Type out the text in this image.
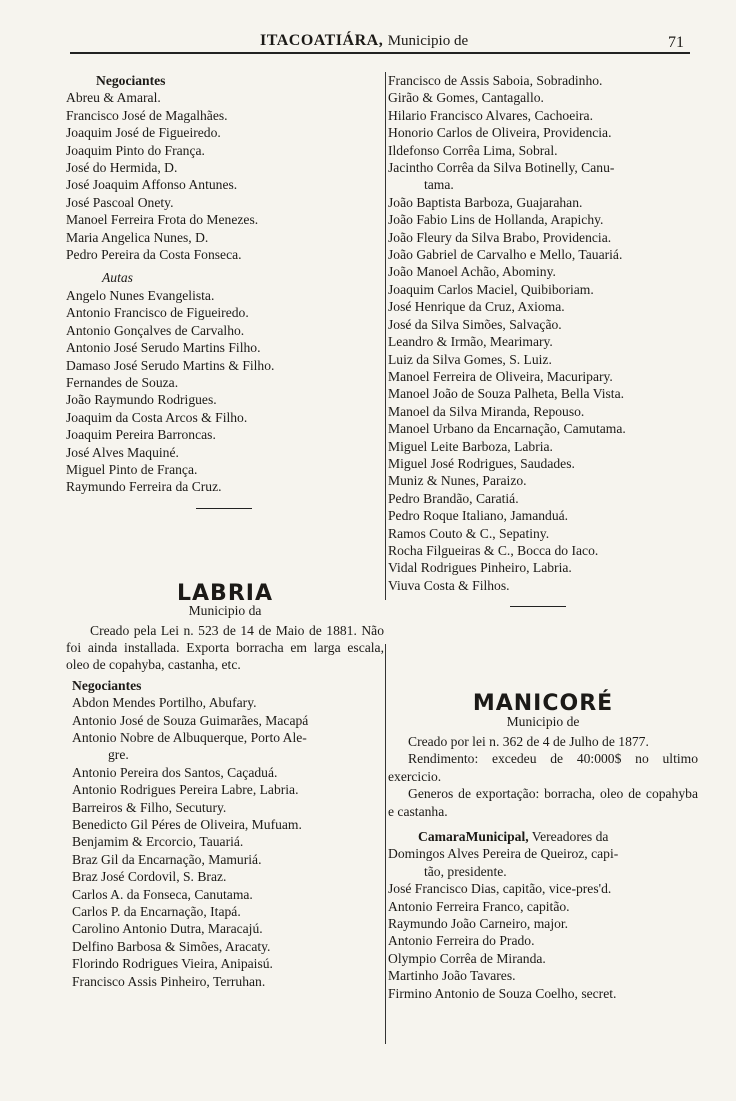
ITACOATIÁRA, Municipio de	71
Negociantes
Abreu & Amaral.
Francisco José de Magalhães.
Joaquim José de Figueiredo.
Joaquim Pinto do França.
José do Hermida, D.
José Joaquim Affonso Antunes.
José Pascoal Onety.
Manoel Ferreira Frota do Menezes.
Maria Angelica Nunes, D.
Pedro Pereira da Costa Fonseca.
Autas
Angelo Nunes Evangelista.
Antonio Francisco de Figueiredo.
Antonio Gonçalves de Carvalho.
Antonio José Serudo Martins Filho.
Damaso José Serudo Martins & Filho.
Fernandes de Souza.
João Raymundo Rodrigues.
Joaquim da Costa Arcos & Filho.
Joaquim Pereira Barroncas.
José Alves Maquiné.
Miguel Pinto de França.
Raymundo Ferreira da Cruz.
LABRIA
Municipio da
Creado pela Lei n. 523 de 14 de Maio de 1881. Não foi ainda installada. Exporta borracha em larga escala, oleo de copahyba, castanha, etc.
Negociantes
Abdon Mendes Portilho, Abufary.
Antonio José de Souza Guimarães, Macapá
Antonio Nobre de Albuquerque, Porto Ale-
gre.
Antonio Pereira dos Santos, Caçaduá.
Antonio Rodrigues Pereira Labre, Labria.
Barreiros & Filho, Secutury.
Benedicto Gil Péres de Oliveira, Mufuam.
Benjamim & Ercorcio, Tauariá.
Braz Gil da Encarnação, Mamuriá.
Braz José Cordovil, S. Braz.
Carlos A. da Fonseca, Canutama.
Carlos P. da Encarnação, Itapá.
Carolino Antonio Dutra, Maracajú.
Delfino Barbosa & Simões, Aracaty.
Florindo Rodrigues Vieira, Anipaisú.
Francisco Assis Pinheiro, Terruhan.
Francisco de Assis Saboia, Sobradinho.
Girão & Gomes, Cantagallo.
Hilario Francisco Alvares, Cachoeira.
Honorio Carlos de Oliveira, Providencia.
Ildefonso Corrêa Lima, Sobral.
Jacintho Corrêa da Silva Botinelly, Canu-
tama.
João Baptista Barboza, Guajarahan.
João Fabio Lins de Hollanda, Arapichy.
João Fleury da Silva Brabo, Providencia.
João Gabriel de Carvalho e Mello, Tauariá.
João Manoel Achão, Abominy.
Joaquim Carlos Maciel, Quibiboriam.
José Henrique da Cruz, Axioma.
José da Silva Simões, Salvação.
Leandro & Irmão, Mearimary.
Luiz da Silva Gomes, S. Luiz.
Manoel Ferreira de Oliveira, Macuripary.
Manoel João de Souza Palheta, Bella Vista.
Manoel da Silva Miranda, Repouso.
Manoel Urbano da Encarnação, Camutama.
Miguel Leite Barboza, Labria.
Miguel José Rodrigues, Saudades.
Muniz & Nunes, Paraizo.
Pedro Brandão, Caratiá.
Pedro Roque Italiano, Jamanduá.
Ramos Couto & C., Sepatiny.
Rocha Filgueiras & C., Bocca do Iaco.
Vidal Rodrigues Pinheiro, Labria.
Viuva Costa & Filhos.
MANICORÉ
Municipio de
Creado por lei n. 362 de 4 de Julho de 1877.
Rendimento: excedeu de 40:000$ no ultimo exercicio.
Generos de exportação: borracha, oleo de copahyba e castanha.
CamaraMunicipal, Vereadores da
Domingos Alves Pereira de Queiroz, capi-
tão, presidente.
José Francisco Dias, capitão, vice-pres'd.
Antonio Ferreira Franco, capitão.
Raymundo João Carneiro, major.
Antonio Ferreira do Prado.
Olympio Corrêa de Miranda.
Martinho João Tavares.
Firmino Antonio de Souza Coelho, secret.
